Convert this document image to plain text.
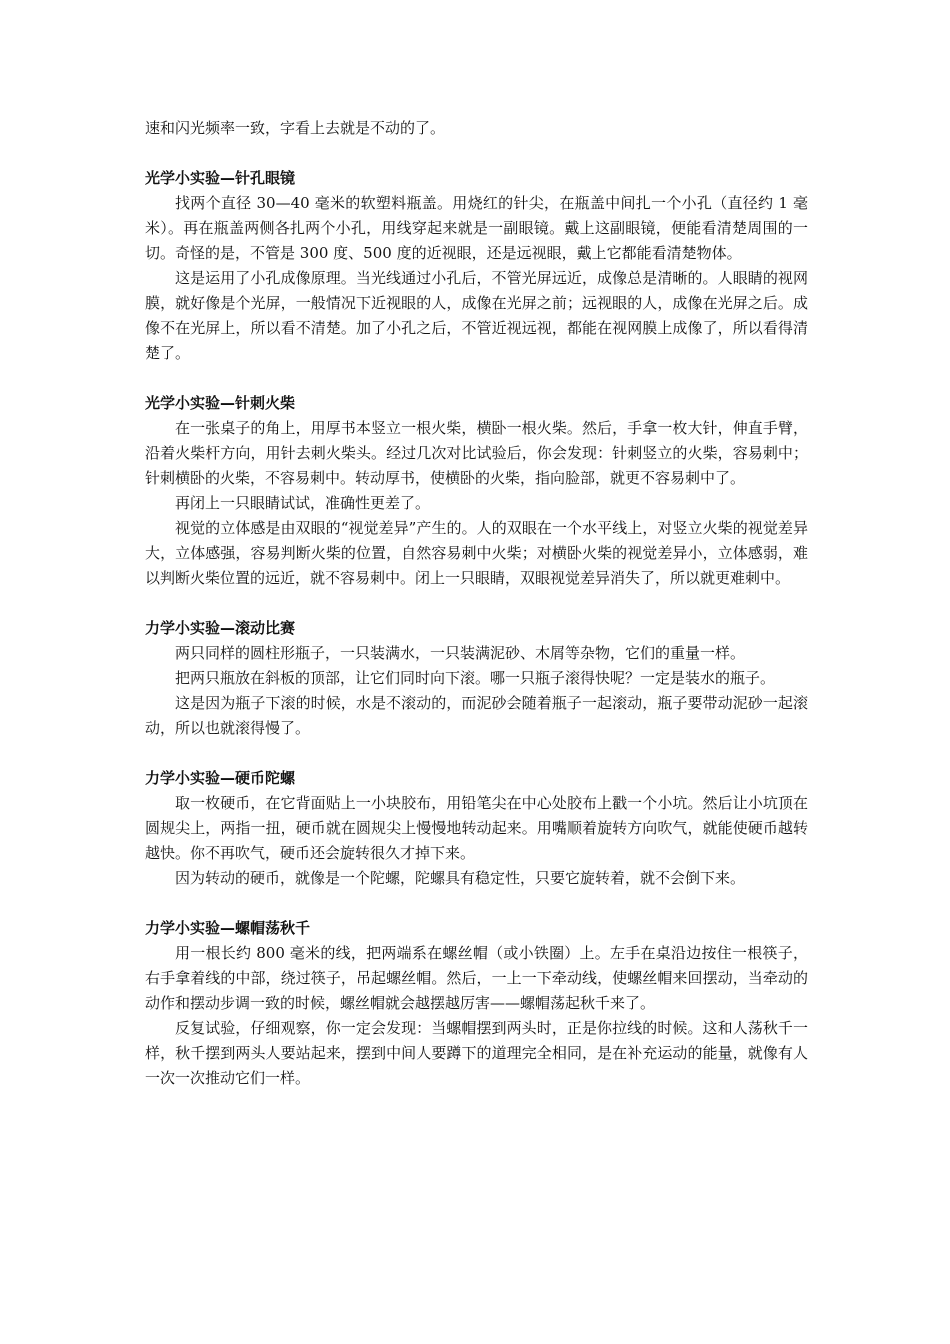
速和闪光频率一致，字看上去就是不动的了。

光学小实验—针孔眼镜

找两个直径 30—40 毫米的软塑料瓶盖。用烧红的针尖，在瓶盖中间扎一个小孔（直径约 1 毫米）。再在瓶盖两侧各扎两个小孔，用线穿起来就是一副眼镜。戴上这副眼镜，便能看清楚周围的一切。奇怪的是，不管是 300 度、500 度的近视眼，还是远视眼，戴上它都能看清楚物体。

这是运用了小孔成像原理。当光线通过小孔后，不管光屏远近，成像总是清晰的。人眼睛的视网膜，就好像是个光屏，一般情况下近视眼的人，成像在光屏之前；远视眼的人，成像在光屏之后。成像不在光屏上，所以看不清楚。加了小孔之后，不管近视远视，都能在视网膜上成像了，所以看得清楚了。

光学小实验—针刺火柴

在一张桌子的角上，用厚书本竖立一根火柴，横卧一根火柴。然后，手拿一枚大针，伸直手臂，沿着火柴杆方向，用针去刺火柴头。经过几次对比试验后，你会发现：针刺竖立的火柴，容易刺中；针刺横卧的火柴，不容易刺中。转动厚书，使横卧的火柴，指向脸部，就更不容易刺中了。

再闭上一只眼睛试试，准确性更差了。

视觉的立体感是由双眼的“视觉差异”产生的。人的双眼在一个水平线上，对竖立火柴的视觉差异大，立体感强，容易判断火柴的位置，自然容易刺中火柴；对横卧火柴的视觉差异小，立体感弱，难以判断火柴位置的远近，就不容易刺中。闭上一只眼睛，双眼视觉差异消失了，所以就更难刺中。

力学小实验—滚动比赛

两只同样的圆柱形瓶子，一只装满水，一只装满泥砂、木屑等杂物，它们的重量一样。

把两只瓶放在斜板的顶部，让它们同时向下滚。哪一只瓶子滚得快呢？一定是装水的瓶子。

这是因为瓶子下滚的时候，水是不滚动的，而泥砂会随着瓶子一起滚动，瓶子要带动泥砂一起滚动，所以也就滚得慢了。

力学小实验—硬币陀螺

取一枚硬币，在它背面贴上一小块胶布，用铅笔尖在中心处胶布上戳一个小坑。然后让小坑顶在圆规尖上，两指一扭，硬币就在圆规尖上慢慢地转动起来。用嘴顺着旋转方向吹气，就能使硬币越转越快。你不再吹气，硬币还会旋转很久才掉下来。

因为转动的硬币，就像是一个陀螺，陀螺具有稳定性，只要它旋转着，就不会倒下来。

力学小实验—螺帽荡秋千

用一根长约 800 毫米的线，把两端系在螺丝帽（或小铁圈）上。左手在桌沿边按住一根筷子，右手拿着线的中部，绕过筷子，吊起螺丝帽。然后，一上一下牵动线，使螺丝帽来回摆动，当牵动的动作和摆动步调一致的时候，螺丝帽就会越摆越厉害——螺帽荡起秋千来了。

反复试验，仔细观察，你一定会发现：当螺帽摆到两头时，正是你拉线的时候。这和人荡秋千一样，秋千摆到两头人要站起来，摆到中间人要蹲下的道理完全相同，是在补充运动的能量，就像有人一次一次推动它们一样。
